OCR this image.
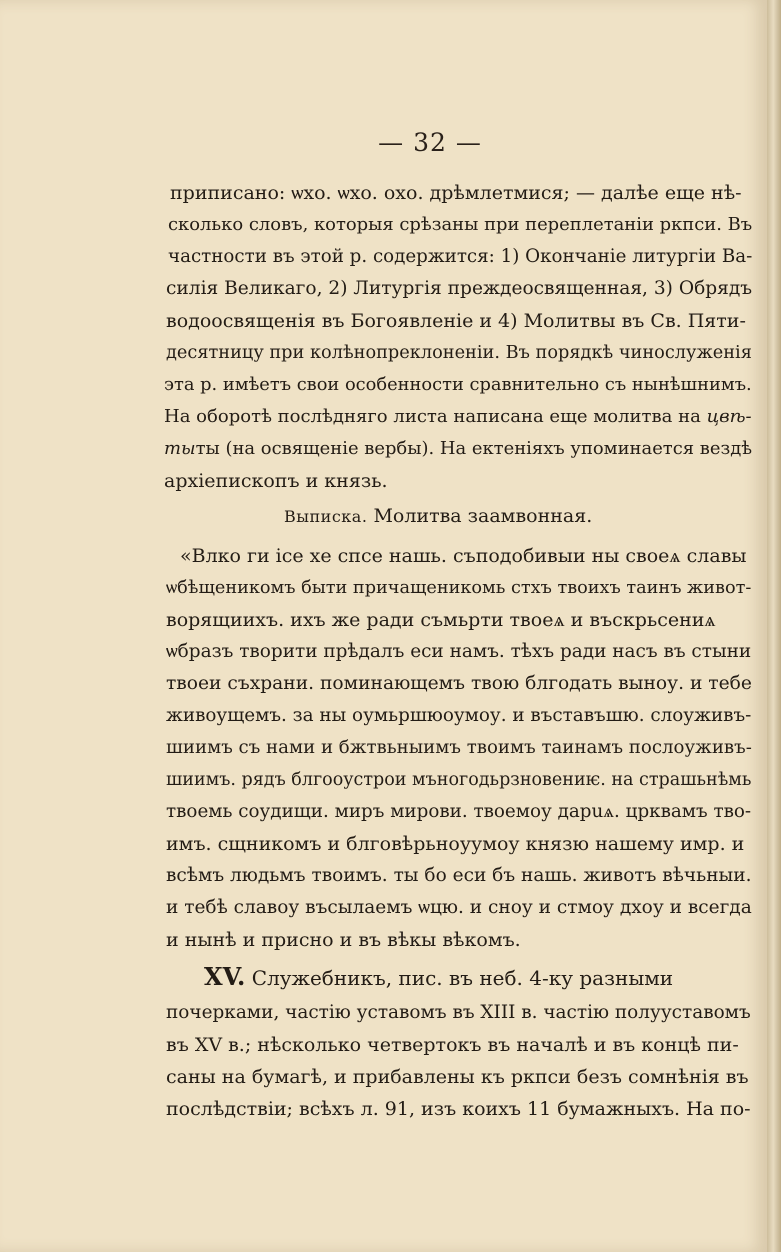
— 32 —
приписано: ѡхо. ѡхо. охо. дрѣмлетмися; — далѣе еще нѣ-
сколько словъ, которыя срѣзаны при переплетаніи ркпси. Въ
частности въ этой р. содержится: 1) Окончаніе литургіи Ва-
силія Великаго, 2) Литургія преждеосвященная, 3) Обрядъ
водоосвященія въ Богоявленіе и 4) Молитвы въ Св. Пяти-
десятницу при колѣнопреклоненіи. Въ порядкѣ чинослуженія
эта р. имѣетъ свои особенности сравнительно съ нынѣшнимъ.
На оборотѣ послѣдняго листа написана еще молитва на цвѣ-
тыты (на освященіе вербы). На ектеніяхъ упоминается вездѣ
архіепископъ и князь.
Выписка. Молитва заамвонная.
«Влко ги ісе хе спсе нашь. съподобивыи ны своеѧ славы
ѡбѣщеникомъ быти причащеникомь стхъ твоихъ таинъ живот-
ворящиихъ. ихъ же ради съмьрти твоеѧ и въскрьсениѧ
ѡбразъ творити прѣдалъ еси намъ. тѣхъ ради насъ въ стыни
твоеи съхрани. поминающемъ твою блгодать выноу. и тебе
живоущемъ. за ны оумьршюоумоу. и въставъшю. слоуживъ-
шиимъ съ нами и бжтвьныимъ твоимъ таинамъ послоуживъ-
шиимъ. рядъ блгооустрои мъногодьрзновениѥ. на страшьнѣмь
твоемь соудищи. миръ мирови. твоемоу дарuѧ. црквамъ тво-
имъ. сщникомъ и блговѣрьноуумоу князю нашему имр. и
всѣмъ людьмъ твоимъ. ты бо еси бъ нашь. животъ вѣчьныи.
и тебѣ славоу въсылаемъ ѡцю. и сноу и стмоу дхоу и всегда
и нынѣ и присно и въ вѣкы вѣкомъ.
XV. Служебникъ, пис. въ неб. 4-ку разными
почерками, частію уставомъ въ XIII в. частію полууставомъ
въ XV в.; нѣсколько четвертокъ въ началѣ и въ концѣ пи-
саны на бумагѣ, и прибавлены къ ркпси безъ сомнѣнія въ
послѣдствіи; всѣхъ л. 91, изъ коихъ 11 бумажныхъ. На по-
